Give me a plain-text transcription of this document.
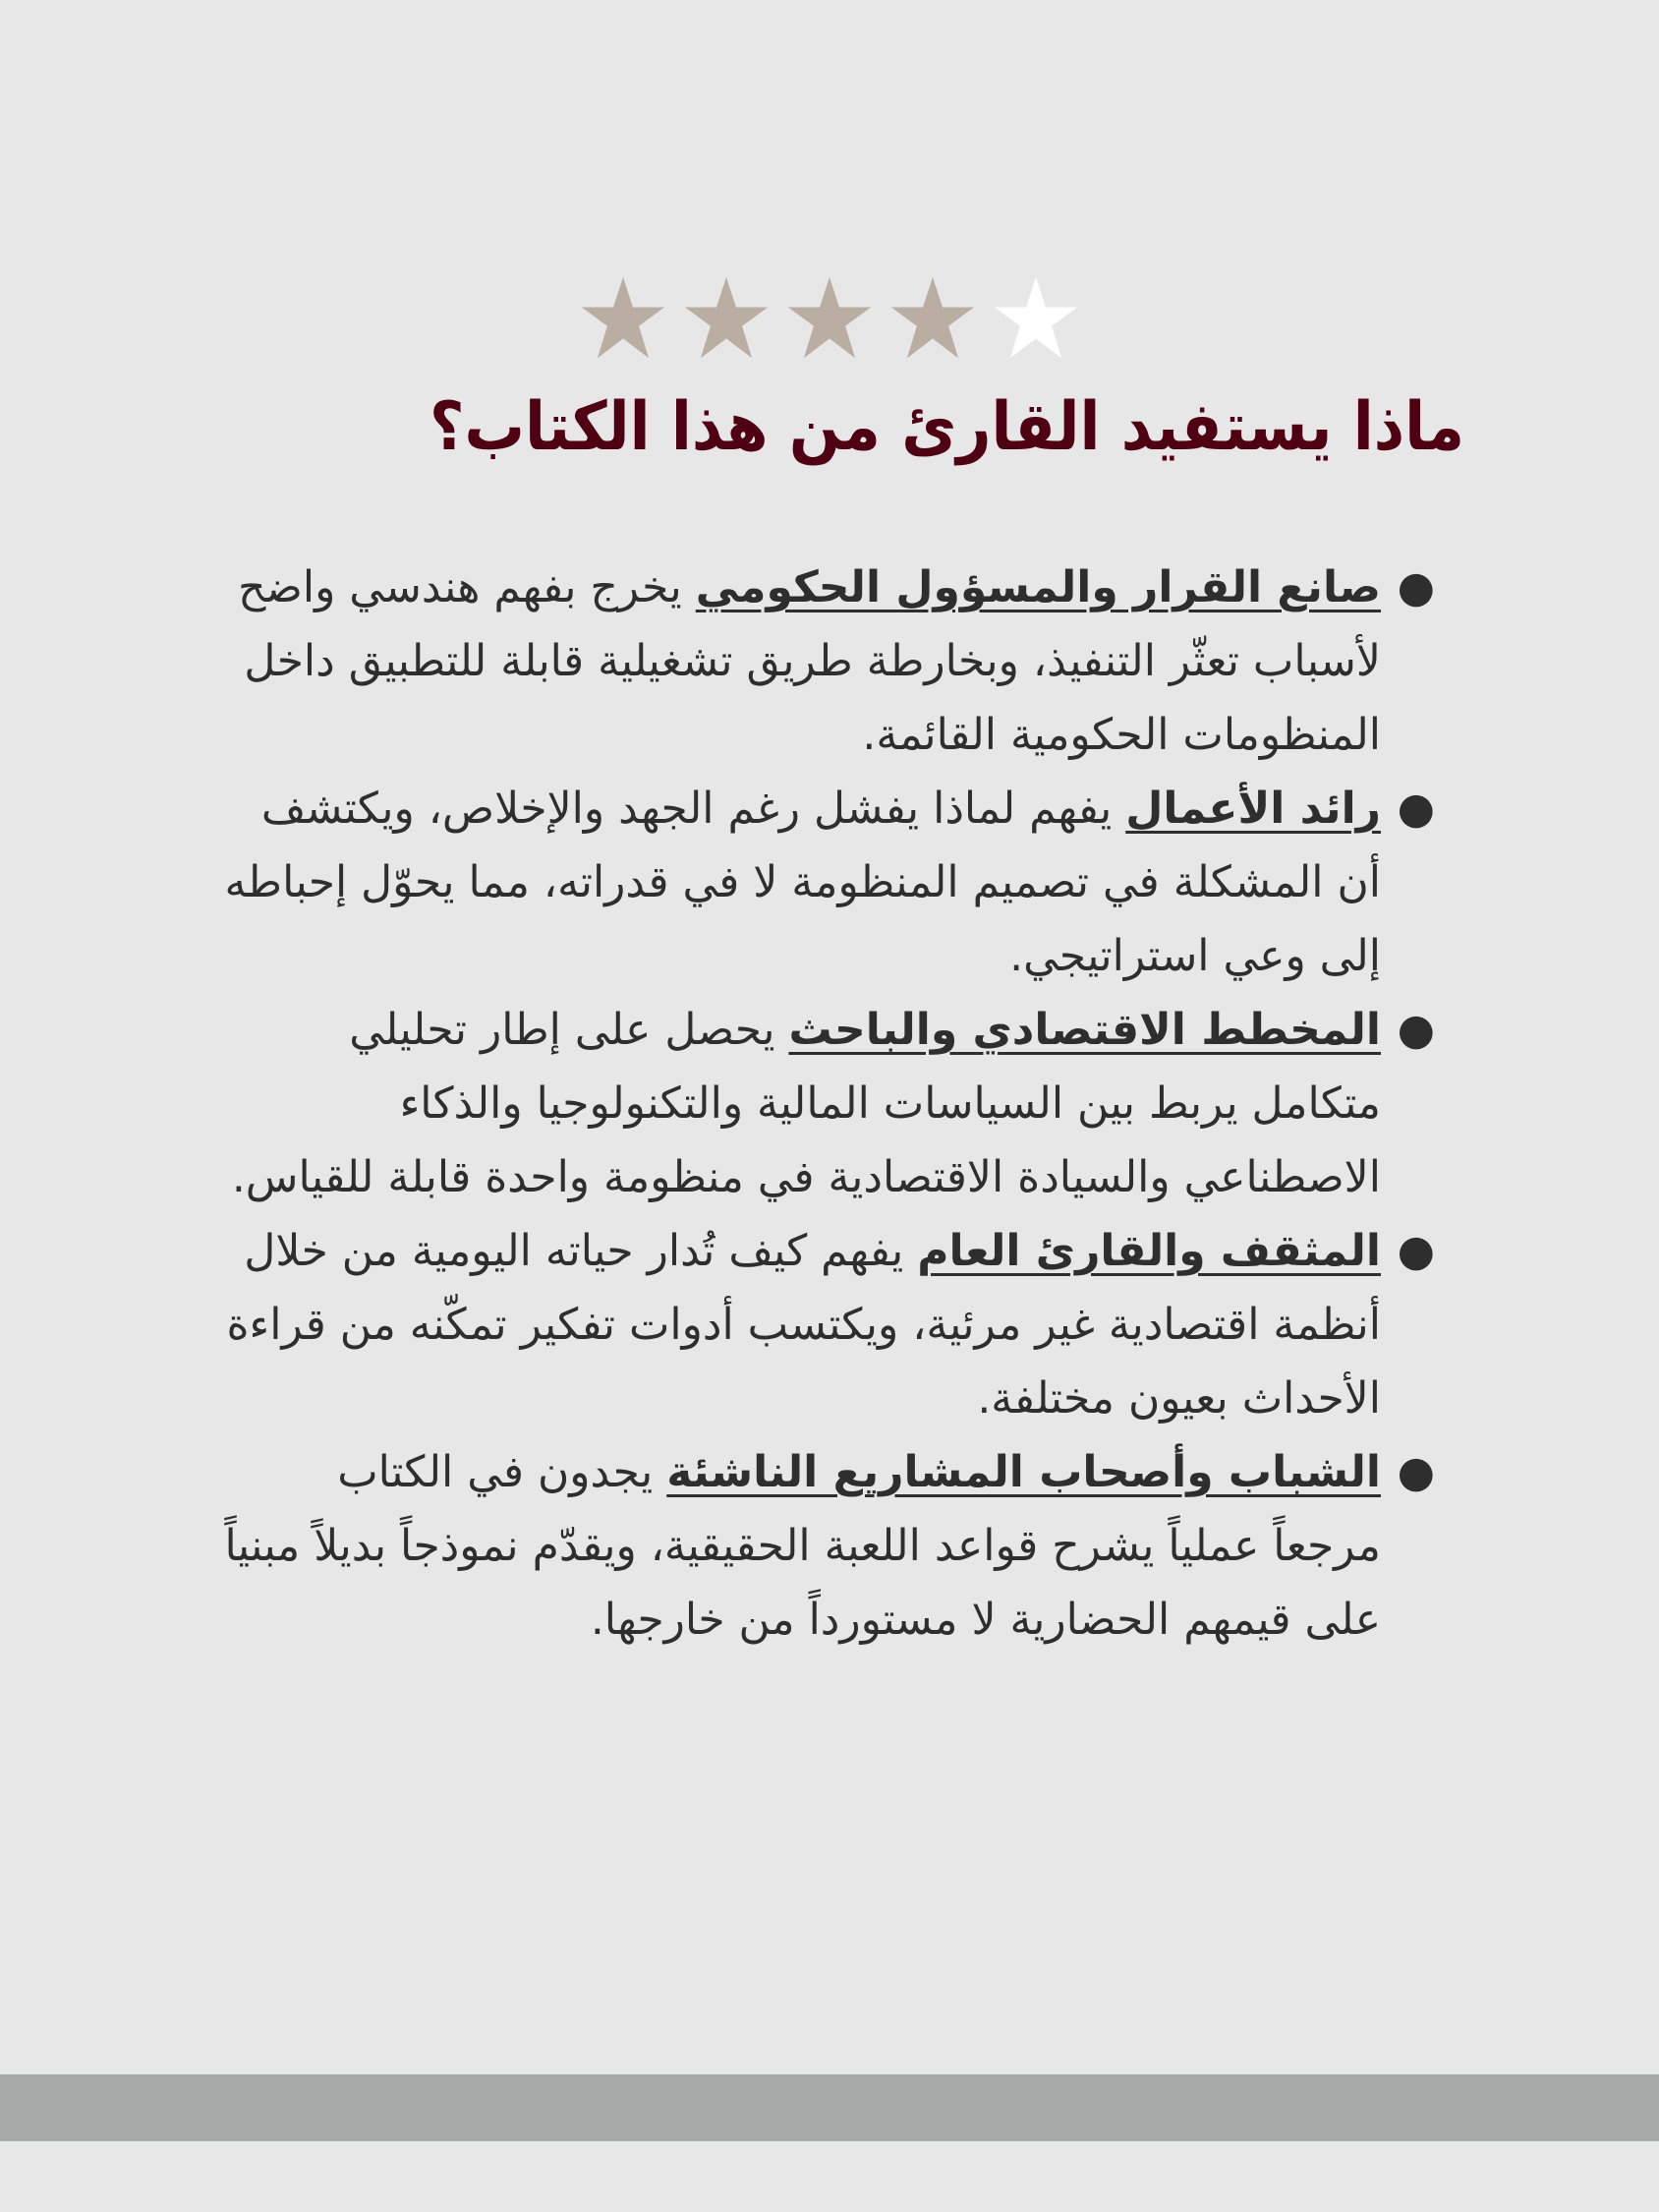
ماذا يستفيد القارئ من هذا الكتاب؟
●
صانع القرار والمسؤول الحكومي يخرج بفهم هندسي واضح لأسباب تعثّر التنفيذ، وبخارطة طريق تشغيلية قابلة للتطبيق داخل المنظومات الحكومية القائمة.
●
رائد الأعمال يفهم لماذا يفشل رغم الجهد والإخلاص، ويكتشف أن المشكلة في تصميم المنظومة لا في قدراته، مما يحوّل إحباطه إلى وعي استراتيجي.
●
المخطط الاقتصادي والباحث يحصل على إطار تحليلي متكامل يربط بين السياسات المالية والتكنولوجيا والذكاء الاصطناعي والسيادة الاقتصادية في منظومة واحدة قابلة للقياس.
●
المثقف والقارئ العام يفهم كيف تُدار حياته اليومية من خلال أنظمة اقتصادية غير مرئية، ويكتسب أدوات تفكير تمكّنه من قراءة الأحداث بعيون مختلفة.
●
الشباب وأصحاب المشاريع الناشئة يجدون في الكتاب مرجعاً عملياً يشرح قواعد اللعبة الحقيقية، ويقدّم نموذجاً بديلاً مبنياً على قيمهم الحضارية لا مستورداً من خارجها.
